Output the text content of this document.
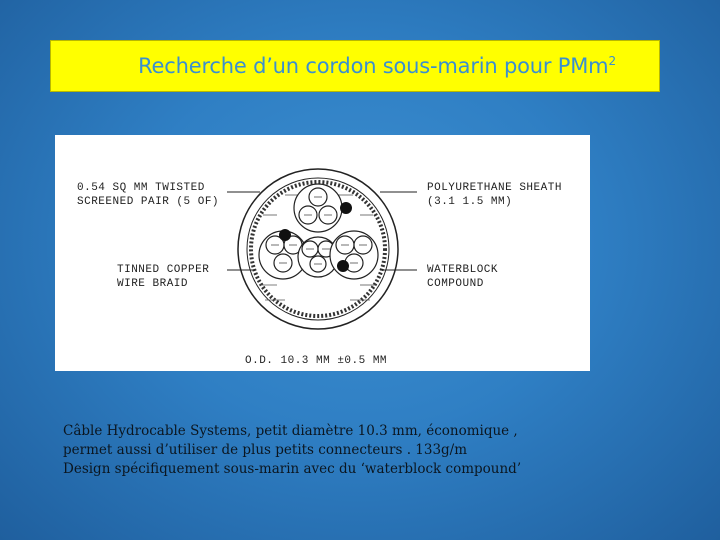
Recherche d’un cordon sous-marin pour PMm$^2$
0.54 SQ MM TWISTED
SCREENED PAIR (5 OF)
POLYURETHANE SHEATH
(3.1 1.5 MM)
TINNED COPPER
WIRE BRAID
WATERBLOCK
COMPOUND
O.D. 10.3 MM ±0.5 MM
Câble Hydrocable Systems, petit diamètre 10.3 mm, économique ,
permet aussi d’utiliser de plus petits connecteurs . 133g/m
Design spécifiquement sous-marin avec du ‘waterblock compound’
